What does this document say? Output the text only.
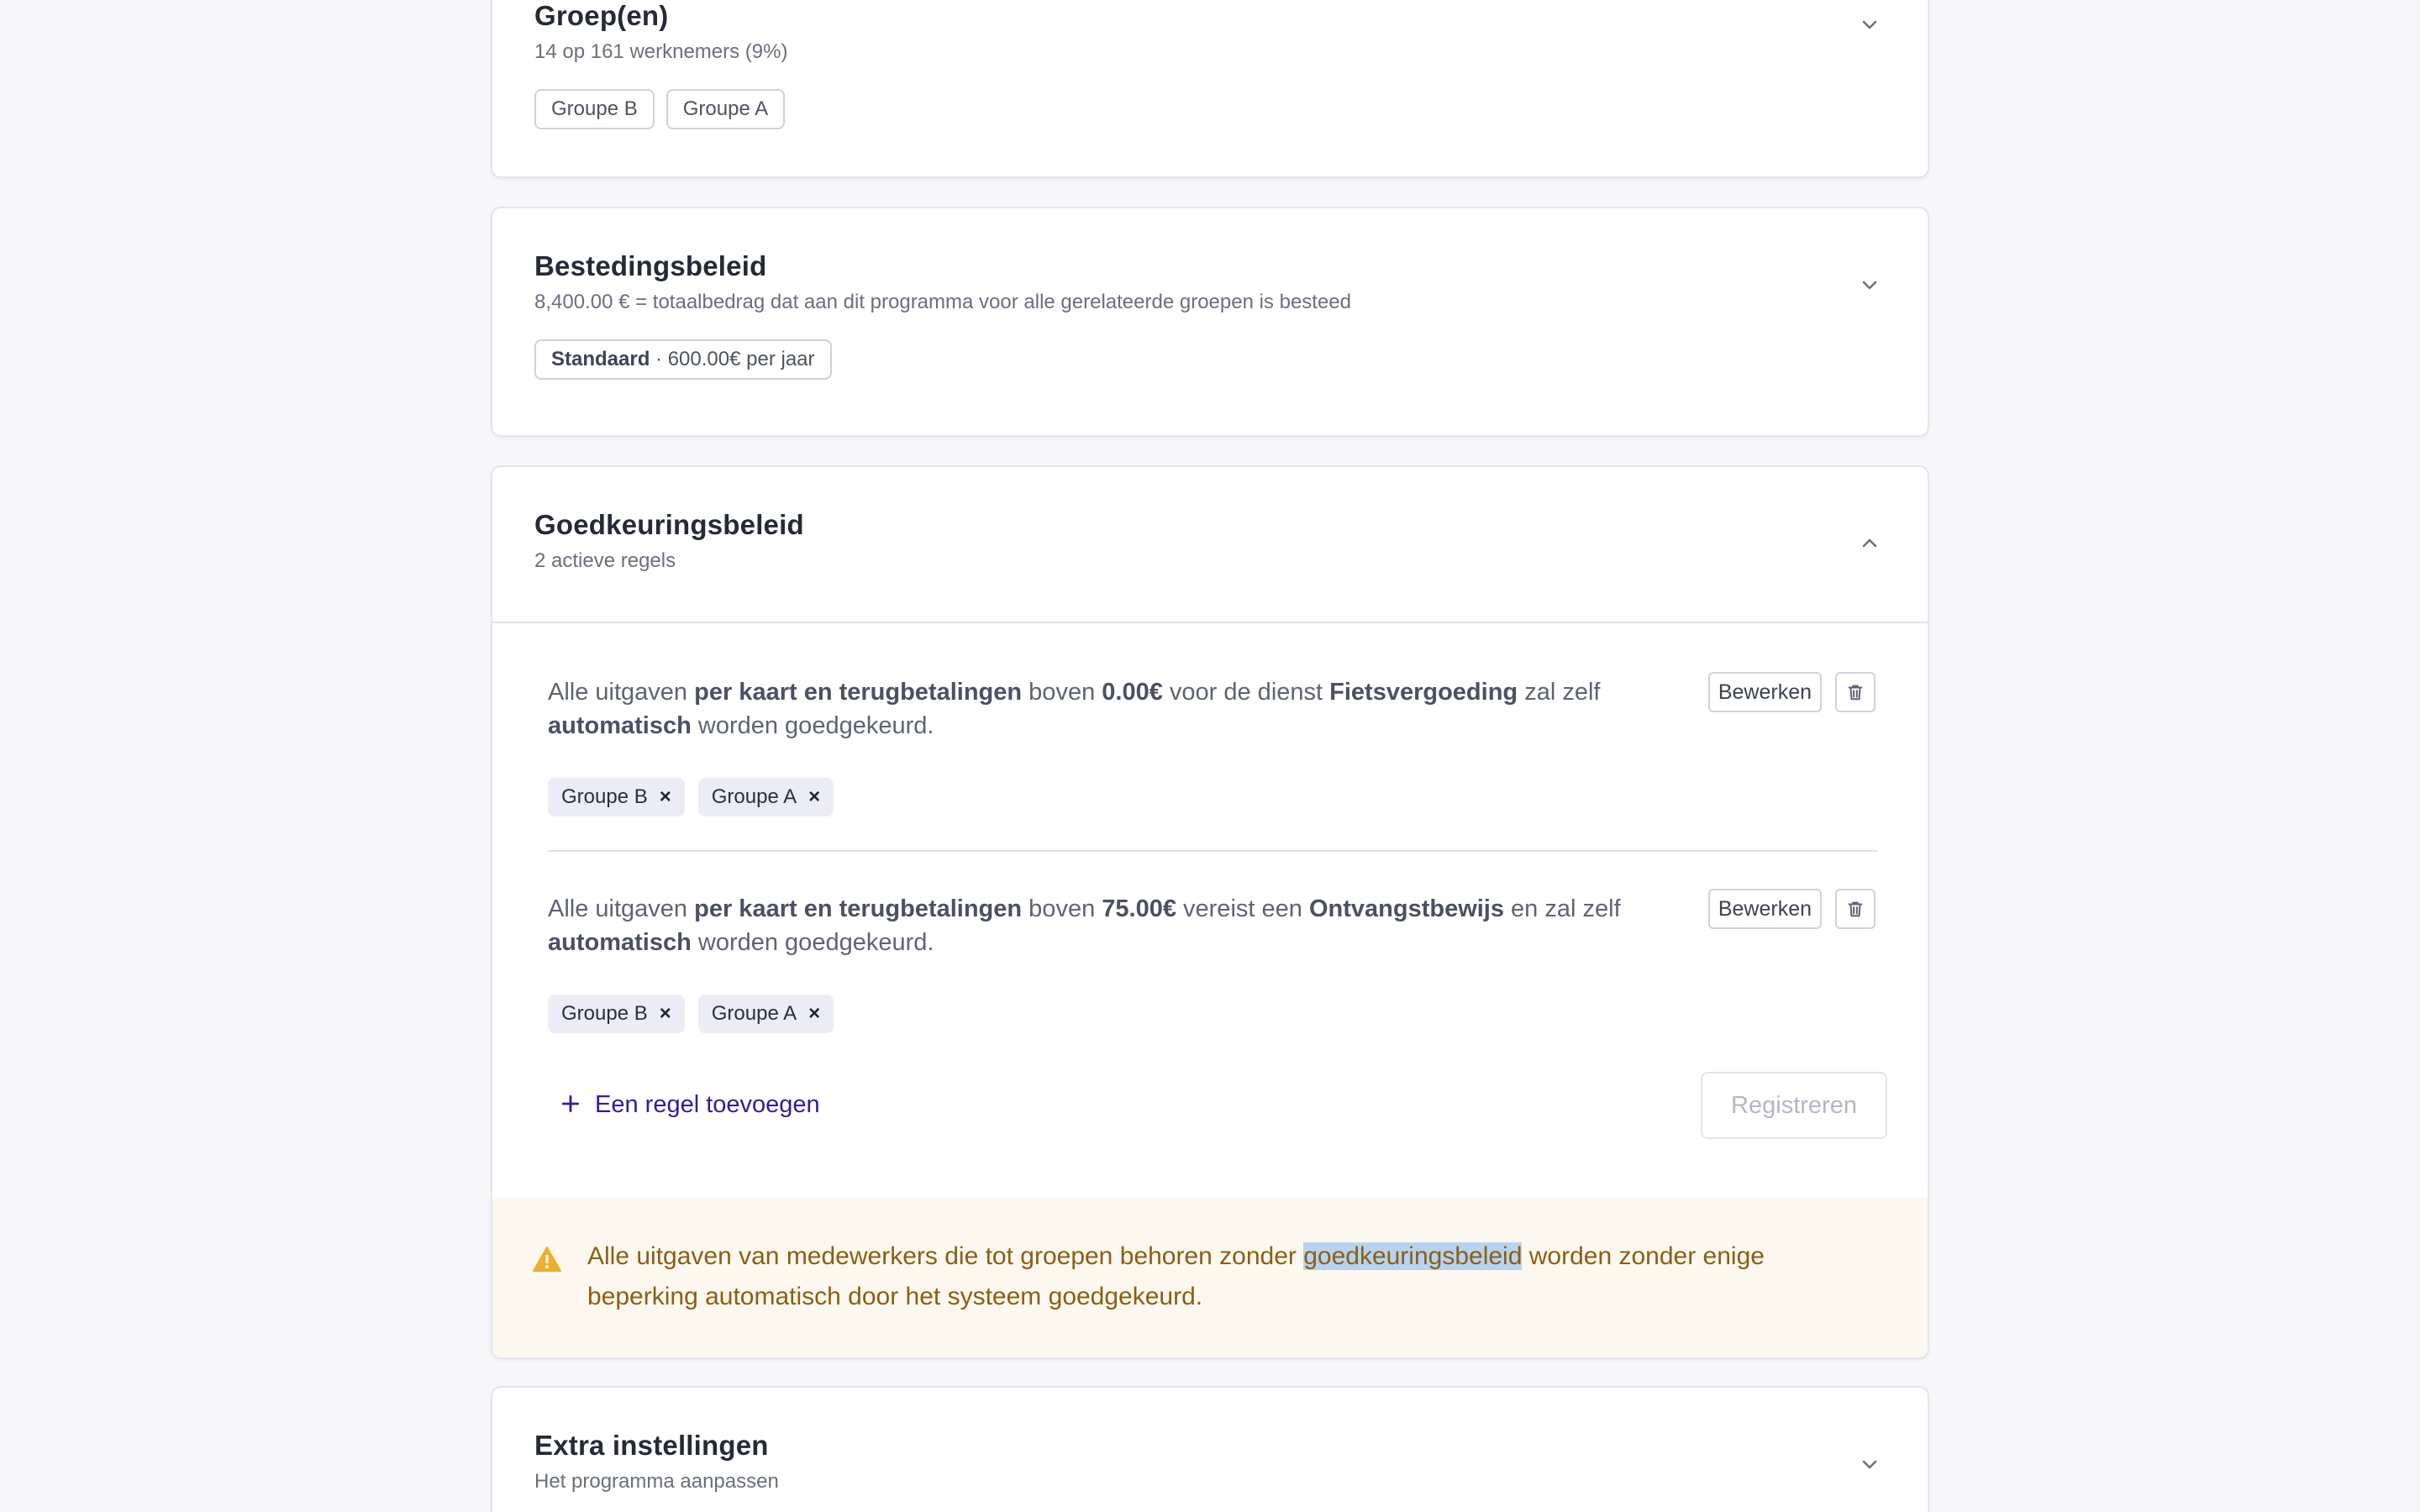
Groep(en)
14 op 161 werknemers (9%)
Groupe B Groupe A
Bestedingsbeleid
8,400.00 € = totaalbedrag dat aan dit programma voor alle gerelateerde groepen is besteed
Standaard · 600.00€ per jaar
Goedkeuringsbeleid
2 actieve regels
Alle uitgaven per kaart en terugbetalingen boven 0.00€ voor de dienst Fietsvergoeding zal zelf automatisch worden goedgekeurd.
Bewerken
Groupe B × Groupe A ×
Alle uitgaven per kaart en terugbetalingen boven 75.00€ vereist een Ontvangstbewijs en zal zelf automatisch worden goedgekeurd.
Bewerken
Groupe B × Groupe A ×
Een regel toevoegen	Registreren
Alle uitgaven van medewerkers die tot groepen behoren zonder goedkeuringsbeleid worden zonder enige beperking automatisch door het systeem goedgekeurd.
Extra instellingen
Het programma aanpassen
